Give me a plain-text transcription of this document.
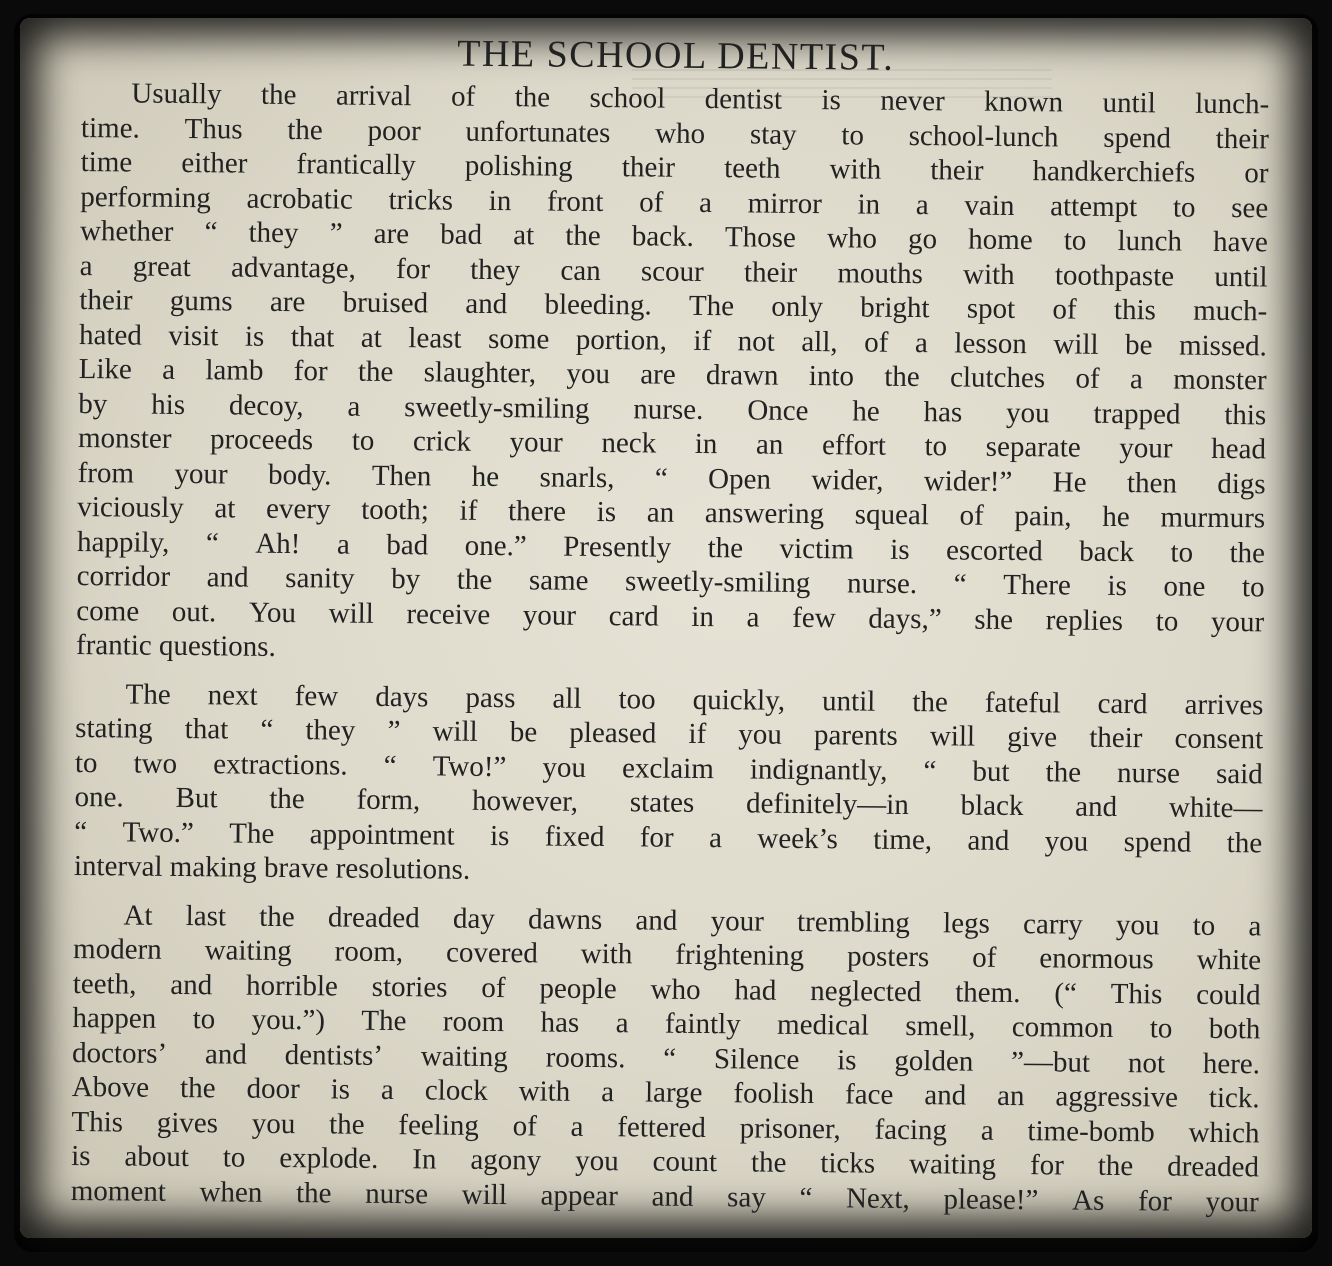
THE SCHOOL DENTIST.
Usually the arrival of the school dentist is never known until lunch-
time. Thus the poor unfortunates who stay to school-lunch spend their
time either frantically polishing their teeth with their handkerchiefs or
performing acrobatic tricks in front of a mirror in a vain attempt to see
whether “ they ” are bad at the back. Those who go home to lunch have
a great advantage, for they can scour their mouths with toothpaste until
their gums are bruised and bleeding. The only bright spot of this much-
hated visit is that at least some portion, if not all, of a lesson will be missed.
Like a lamb for the slaughter, you are drawn into the clutches of a monster
by his decoy, a sweetly-smiling nurse. Once he has you trapped this
monster proceeds to crick your neck in an effort to separate your head
from your body. Then he snarls, “ Open wider, wider!” He then digs
viciously at every tooth; if there is an answering squeal of pain, he murmurs
happily, “ Ah! a bad one.” Presently the victim is escorted back to the
corridor and sanity by the same sweetly-smiling nurse. “ There is one to
come out. You will receive your card in a few days,” she replies to your
frantic questions.
The next few days pass all too quickly, until the fateful card arrives
stating that “ they ” will be pleased if you parents will give their consent
to two extractions. “ Two!” you exclaim indignantly, “ but the nurse said
one. But the form, however, states definitely—in black and white—
“ Two.” The appointment is fixed for a week’s time, and you spend the
interval making brave resolutions.
At last the dreaded day dawns and your trembling legs carry you to a
modern waiting room, covered with frightening posters of enormous white
teeth, and horrible stories of people who had neglected them. (“ This could
happen to you.”) The room has a faintly medical smell, common to both
doctors’ and dentists’ waiting rooms. “ Silence is golden ”—but not here.
Above the door is a clock with a large foolish face and an aggressive tick.
This gives you the feeling of a fettered prisoner, facing a time-bomb which
is about to explode. In agony you count the ticks waiting for the dreaded
moment when the nurse will appear and say “ Next, please!” As for your
